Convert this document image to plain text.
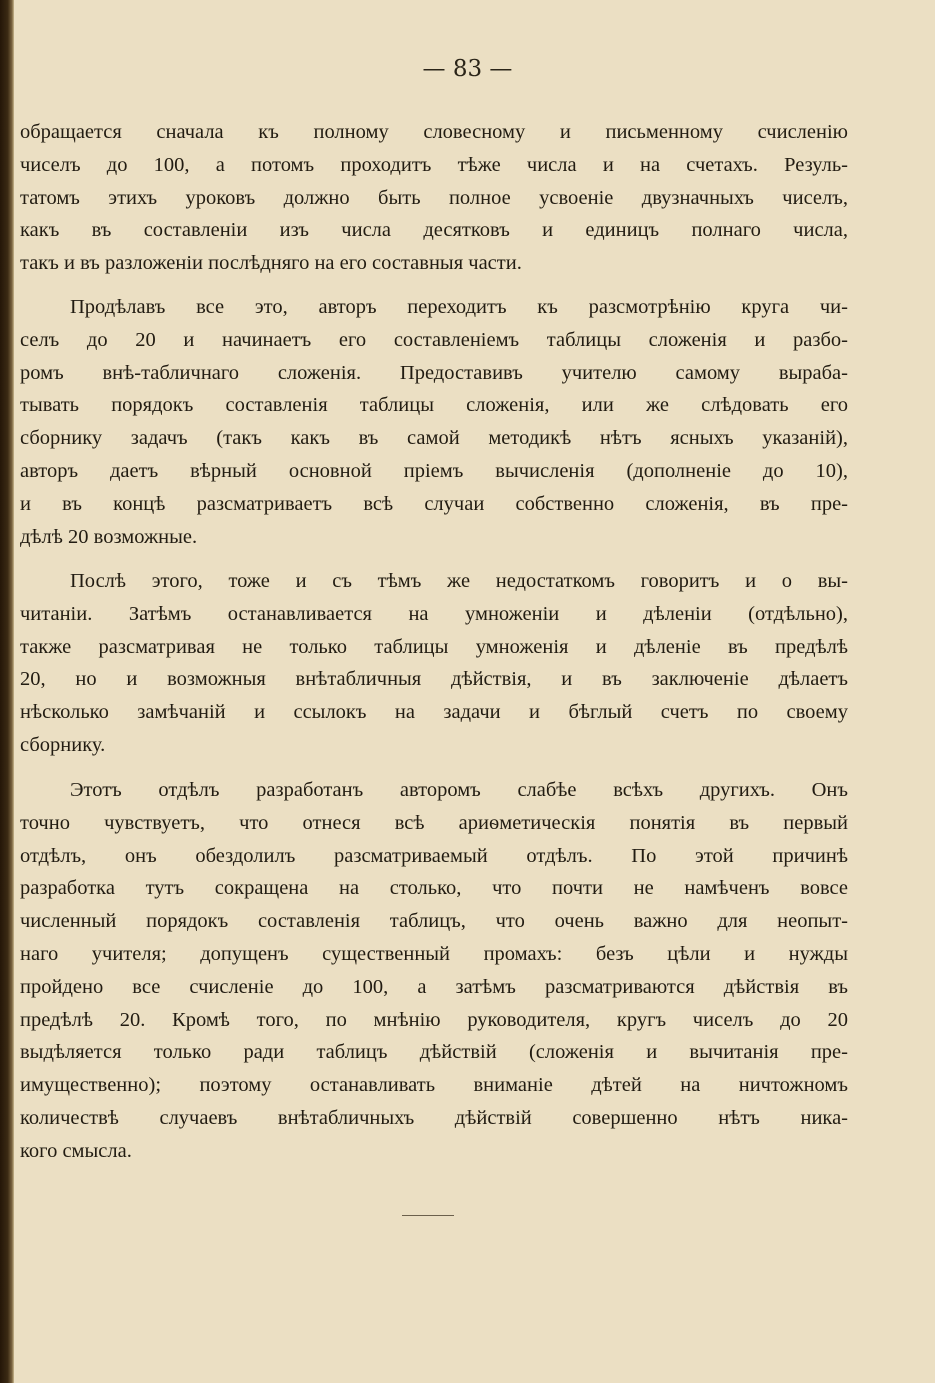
— 83 —
обращается сначала къ полному словесному и письменному счисленію
чиселъ до 100, а потомъ проходитъ тѣже числа и на счетахъ. Резуль-
татомъ этихъ уроковъ должно быть полное усвоеніе двузначныхъ чиселъ,
какъ въ составленіи изъ числа десятковъ и единицъ полнаго числа,
такъ и въ разложеніи послѣдняго на его составныя части.
Продѣлавъ все это, авторъ переходитъ къ разсмотрѣнію круга чи-
селъ до 20 и начинаетъ его составленіемъ таблицы сложенія и разбо-
ромъ внѣ-табличнаго сложенія. Предоставивъ учителю самому выраба-
тывать порядокъ составленія таблицы сложенія, или же слѣдовать его
сборнику задачъ (такъ какъ въ самой методикѣ нѣтъ ясныхъ указаній),
авторъ даетъ вѣрный основной пріемъ вычисленія (дополненіе до 10),
и въ концѣ разсматриваетъ всѣ случаи собственно сложенія, въ пре-
дѣлѣ 20 возможные.
Послѣ этого, тоже и съ тѣмъ же недостаткомъ говоритъ и о вы-
читаніи. Затѣмъ останавливается на умноженіи и дѣленіи (отдѣльно),
также разсматривая не только таблицы умноженія и дѣленіе въ предѣлѣ
20, но и возможныя внѣтабличныя дѣйствія, и въ заключеніе дѣлаетъ
нѣсколько замѣчаній и ссылокъ на задачи и бѣглый счетъ по своему
сборнику.
Этотъ отдѣлъ разработанъ авторомъ слабѣе всѣхъ другихъ. Онъ
точно чувствуетъ, что отнеся всѣ ариѳметическія понятія въ первый
отдѣлъ, онъ обездолилъ разсматриваемый отдѣлъ. По этой причинѣ
разработка тутъ сокращена на столько, что почти не намѣченъ вовсе
численный порядокъ составленія таблицъ, что очень важно для неопыт-
наго учителя; допущенъ существенный промахъ: безъ цѣли и нужды
пройдено все счисленіе до 100, а затѣмъ разсматриваются дѣйствія въ
предѣлѣ 20. Кромѣ того, по мнѣнію руководителя, кругъ чиселъ до 20
выдѣляется только ради таблицъ дѣйствій (сложенія и вычитанія пре-
имущественно); поэтому останавливать вниманіе дѣтей на ничтожномъ
количествѣ случаевъ внѣтабличныхъ дѣйствій совершенно нѣтъ ника-
кого смысла.
